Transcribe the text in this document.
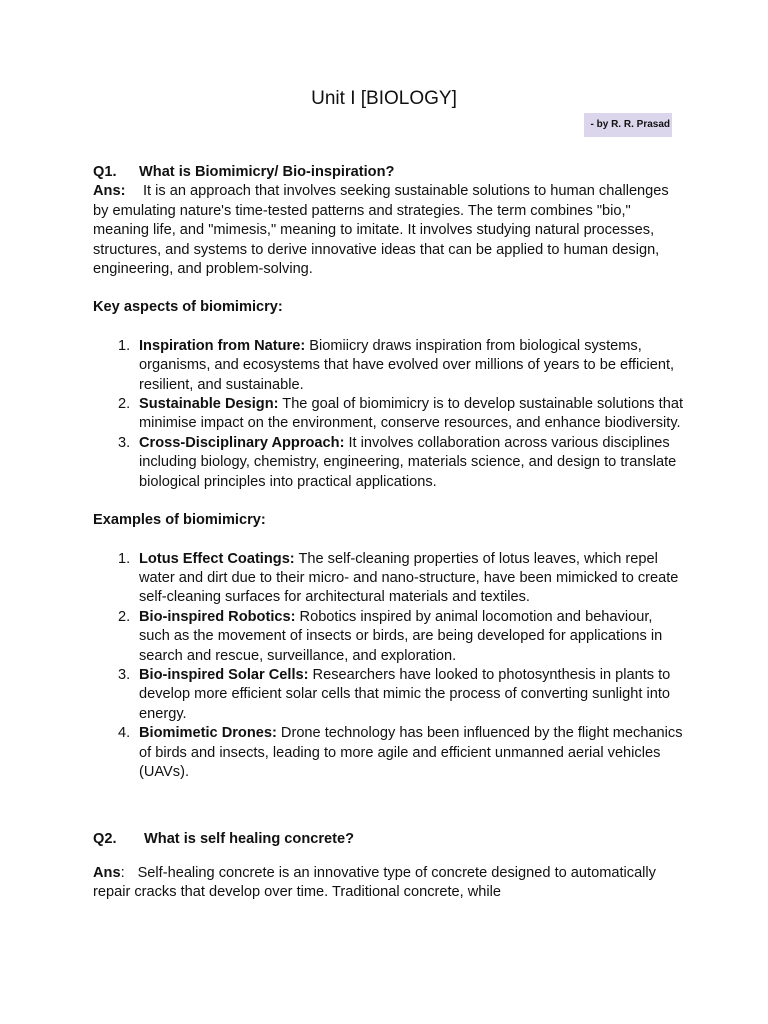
Unit I [BIOLOGY]
- by R. R. Prasad

Q1. What is Biomimicry/ Bio-inspiration?

Ans: It is an approach that involves seeking sustainable solutions to human challenges by emulating nature's time-tested patterns and strategies. The term combines "bio," meaning life, and "mimesis," meaning to imitate. It involves studying natural processes, structures, and systems to derive innovative ideas that can be applied to human design, engineering, and problem-solving.

Key aspects of biomimicry:

1. Inspiration from Nature: Biomiicry draws inspiration from biological systems, organisms, and ecosystems that have evolved over millions of years to be efficient, resilient, and sustainable.
2. Sustainable Design: The goal of biomimicry is to develop sustainable solutions that minimise impact on the environment, conserve resources, and enhance biodiversity.
3. Cross-Disciplinary Approach: It involves collaboration across various disciplines including biology, chemistry, engineering, materials science, and design to translate biological principles into practical applications.

Examples of biomimicry:

1. Lotus Effect Coatings: The self-cleaning properties of lotus leaves, which repel water and dirt due to their micro- and nano-structure, have been mimicked to create self-cleaning surfaces for architectural materials and textiles.
2. Bio-inspired Robotics: Robotics inspired by animal locomotion and behaviour, such as the movement of insects or birds, are being developed for applications in search and rescue, surveillance, and exploration.
3. Bio-inspired Solar Cells: Researchers have looked to photosynthesis in plants to develop more efficient solar cells that mimic the process of converting sunlight into energy.
4. Biomimetic Drones: Drone technology has been influenced by the flight mechanics of birds and insects, leading to more agile and efficient unmanned aerial vehicles (UAVs).

Q2. What is self healing concrete?

Ans: Self-healing concrete is an innovative type of concrete designed to automatically repair cracks that develop over time. Traditional concrete, while
